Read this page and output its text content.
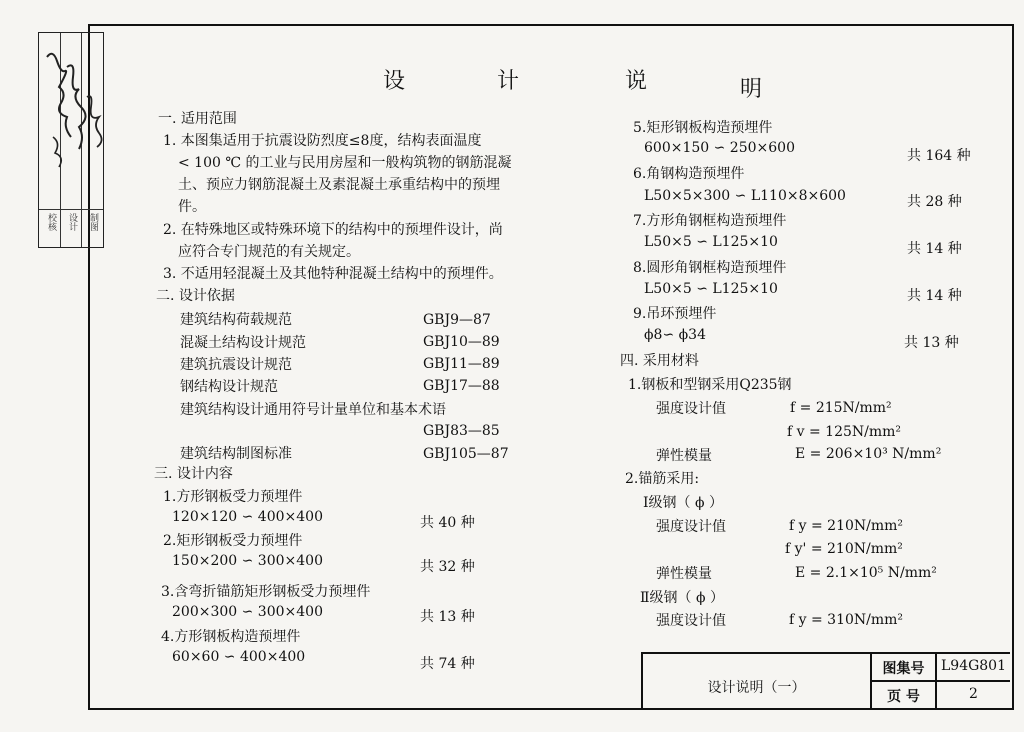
校核	设计	制图
设	计	说	明
一. 适用范围
1. 本图集适用于抗震设防烈度≤8度，结构表面温度
< 100 ℃ 的工业与民用房屋和一般构筑物的钢筋混凝
土、预应力钢筋混凝土及素混凝土承重结构中的预埋
件。
2. 在特殊地区或特殊环境下的结构中的预埋件设计，尚
应符合专门规范的有关规定。
3. 不适用轻混凝土及其他特种混凝土结构中的预埋件。
二. 设计依据
建筑结构荷载规范	GBJ9—87
混凝土结构设计规范	GBJ10—89
建筑抗震设计规范	GBJ11—89
钢结构设计规范	GBJ17—88
建筑结构设计通用符号计量单位和基本术语
GBJ83—85
建筑结构制图标准	GBJ105—87
三. 设计内容
1.方形钢板受力预埋件
120×120 ∽ 400×400	共 40 种
2.矩形钢板受力预埋件
150×200 ∽ 300×400	共 32 种
3.含弯折锚筋矩形钢板受力预埋件
200×300 ∽ 300×400	共 13 种
4.方形钢板构造预埋件
60×60 ∽ 400×400	共 74 种
5.矩形钢板构造预埋件
600×150 ∽ 250×600	共 164 种
6.角钢构造预埋件
L50×5×300 ∽ L110×8×600	共 28 种
7.方形角钢框构造预埋件
L50×5 ∽ L125×10	共 14 种
8.圆形角钢框构造预埋件
L50×5 ∽ L125×10	共 14 种
9.吊环预埋件
ϕ8∽ ϕ34	共 13 种
四. 采用材料
1.钢板和型钢采用Q235钢
强度设计值	f = 215N/mm²
f v = 125N/mm²
弹性模量	E = 206×10³ N/mm²
2.锚筋采用:
Ⅰ级钢（ ϕ ）
强度设计值	f y = 210N/mm²
f y' = 210N/mm²
弹性模量	E = 2.1×10⁵ N/mm²
Ⅱ级钢（ ϕ ）
强度设计值	f y = 310N/mm²
设计说明（一）
图集号	L94G801
页 号	2
